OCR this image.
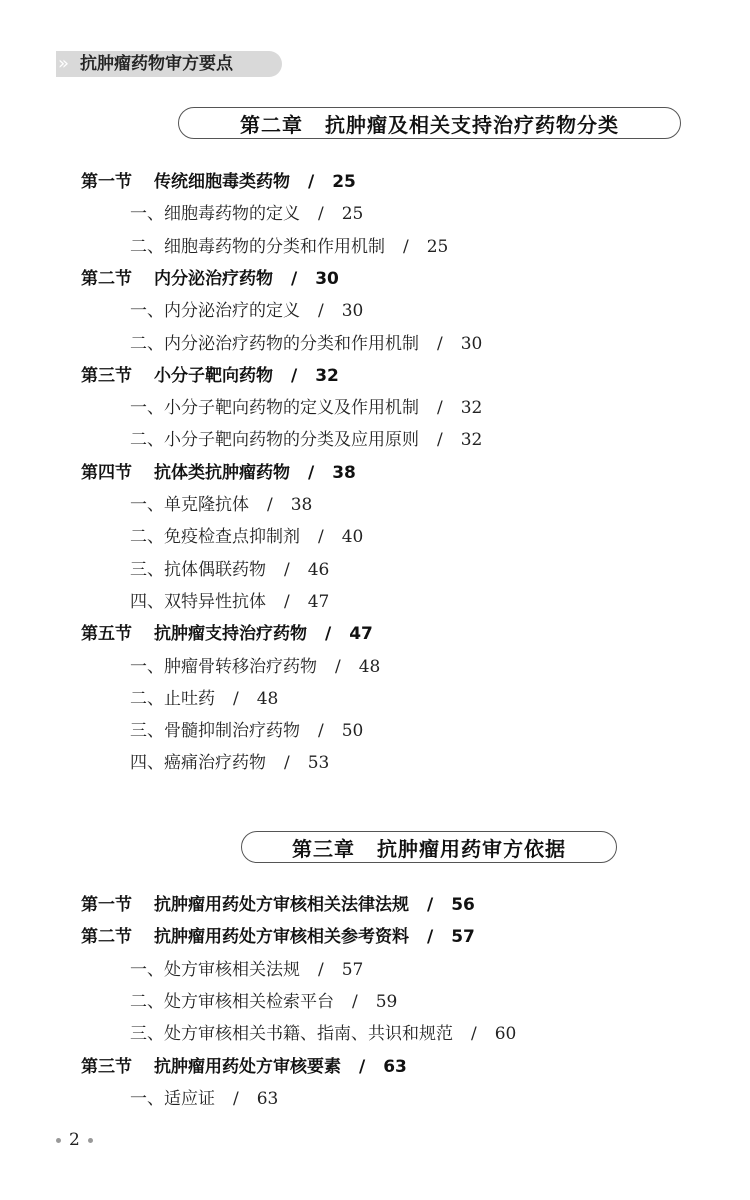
» 抗肿瘤药物审方要点
第二章 抗肿瘤及相关支持治疗药物分类
第三章 抗肿瘤用药审方依据
第一节 传统细胞毒类药物 / 25
一、细胞毒药物的定义 / 25
二、细胞毒药物的分类和作用机制 / 25
第二节 内分泌治疗药物 / 30
一、内分泌治疗的定义 / 30
二、内分泌治疗药物的分类和作用机制 / 30
第三节 小分子靶向药物 / 32
一、小分子靶向药物的定义及作用机制 / 32
二、小分子靶向药物的分类及应用原则 / 32
第四节 抗体类抗肿瘤药物 / 38
一、单克隆抗体 / 38
二、免疫检查点抑制剂 / 40
三、抗体偶联药物 / 46
四、双特异性抗体 / 47
第五节 抗肿瘤支持治疗药物 / 47
一、肿瘤骨转移治疗药物 / 48
二、止吐药 / 48
三、骨髓抑制治疗药物 / 50
四、癌痛治疗药物 / 53
第一节 抗肿瘤用药处方审核相关法律法规 / 56
第二节 抗肿瘤用药处方审核相关参考资料 / 57
一、处方审核相关法规 / 57
二、处方审核相关检索平台 / 59
三、处方审核相关书籍、指南、共识和规范 / 60
第三节 抗肿瘤用药处方审核要素 / 63
一、适应证 / 63
2
